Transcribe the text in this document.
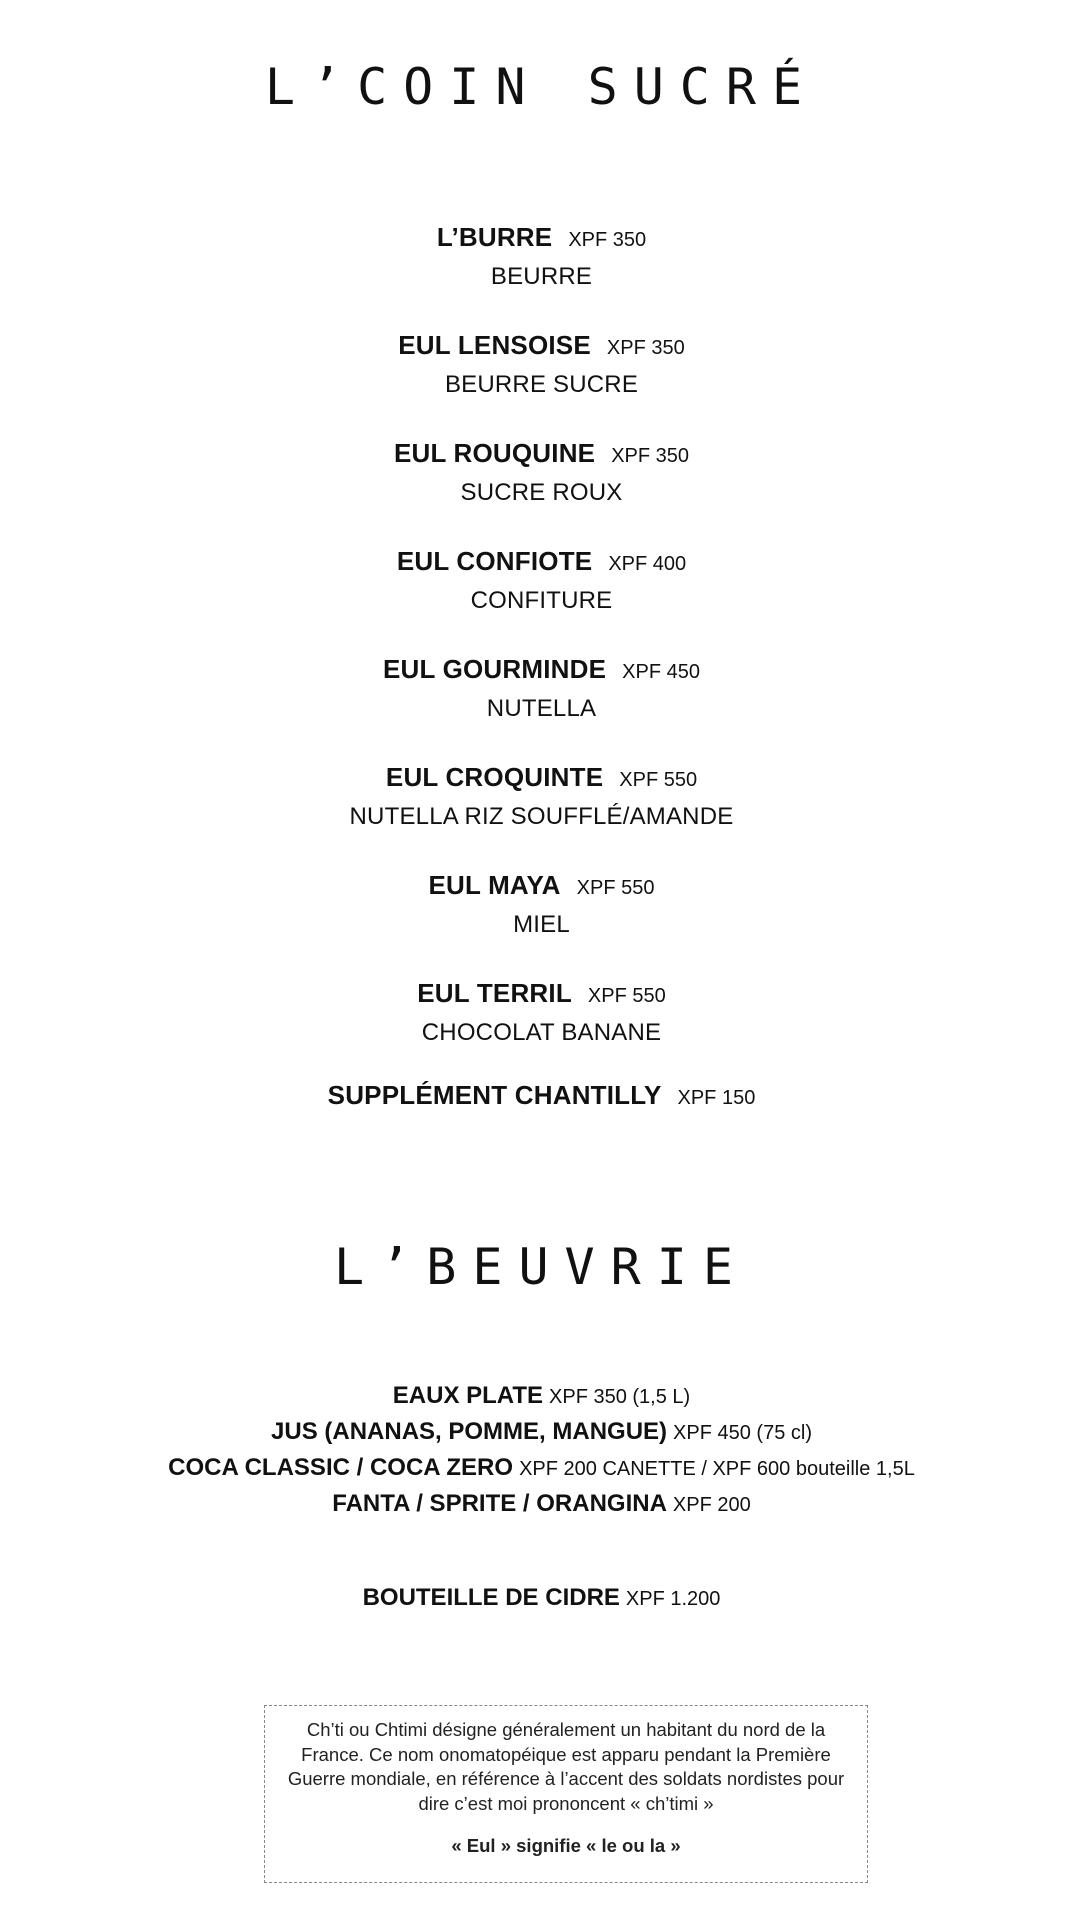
L’COIN SUCRÉ
L’BURRE XPF 350
BEURRE
EUL LENSOISE XPF 350
BEURRE SUCRE
EUL ROUQUINE XPF 350
SUCRE ROUX
EUL CONFIOTE XPF 400
CONFITURE
EUL GOURMINDE XPF 450
NUTELLA
EUL CROQUINTE XPF 550
NUTELLA RIZ SOUFFLÉ/AMANDE
EUL MAYA XPF 550
MIEL
EUL TERRIL XPF 550
CHOCOLAT BANANE
SUPPLÉMENT CHANTILLY XPF 150
L’BEUVRIE
EAUX PLATE XPF 350 (1,5 L)
JUS (ANANAS, POMME, MANGUE) XPF 450 (75 cl)
COCA CLASSIC / COCA ZERO XPF 200 CANETTE / XPF 600 bouteille 1,5L
FANTA / SPRITE / ORANGINA XPF 200
BOUTEILLE DE CIDRE XPF 1.200
Ch’ti ou Chtimi désigne généralement un habitant du nord de la France. Ce nom onomatopéique est apparu pendant la Première Guerre mondiale, en référence à l’accent des soldats nordistes pour dire c’est moi prononcent « ch’timi »
« Eul » signifie « le ou la »
